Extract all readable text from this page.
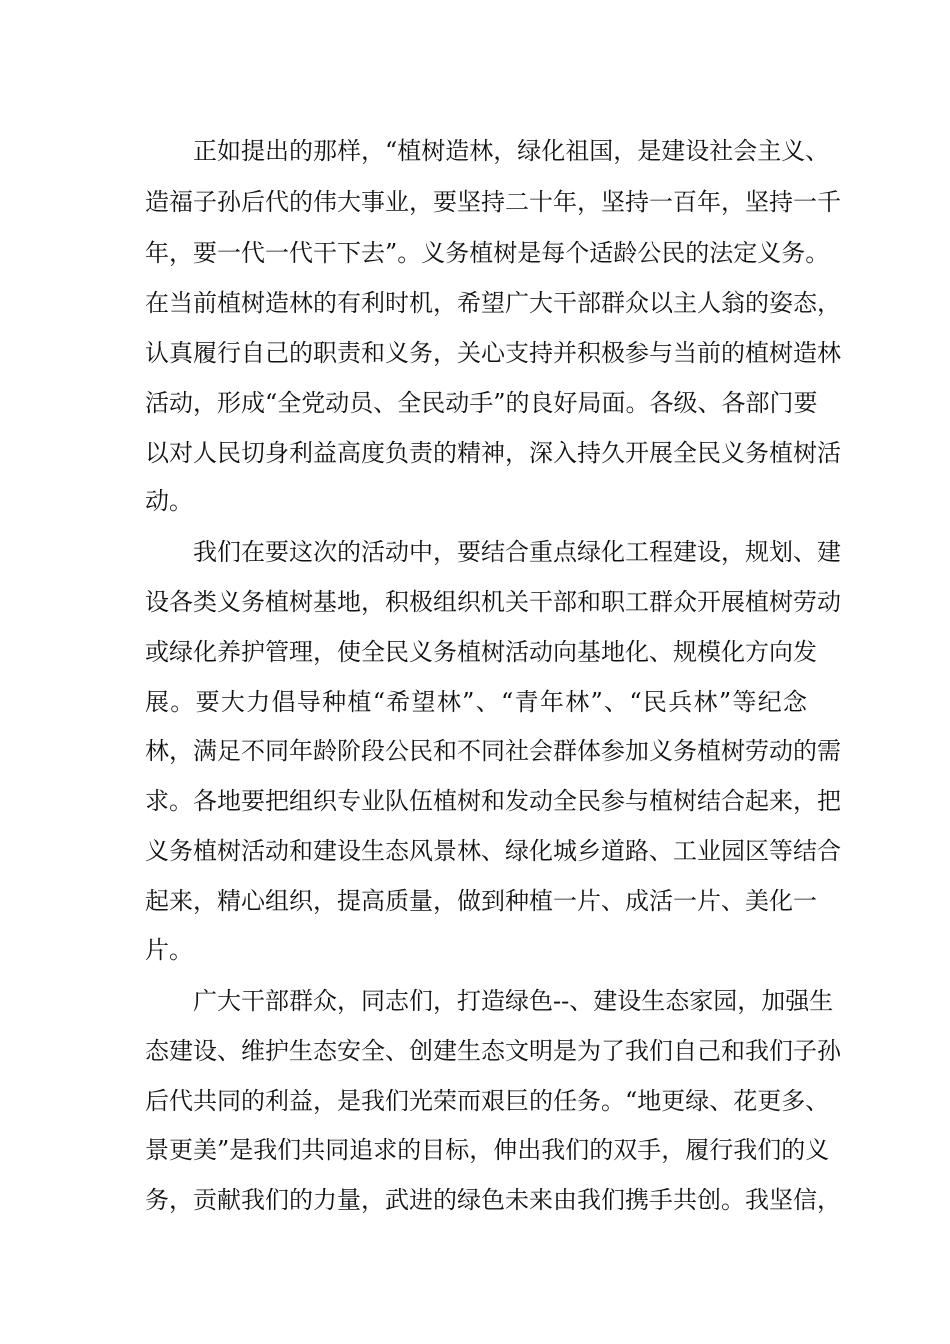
正如提出的那样，“植树造林，绿化祖国，是建设社会主义、

造福子孙后代的伟大事业，要坚持二十年，坚持一百年，坚持一千

年，要一代一代干下去”。义务植树是每个适龄公民的法定义务。

在当前植树造林的有利时机，希望广大干部群众以主人翁的姿态，

认真履行自己的职责和义务，关心支持并积极参与当前的植树造林

活动，形成“全党动员、全民动手”的良好局面。各级、各部门要

以对人民切身利益高度负责的精神，深入持久开展全民义务植树活

动。

我们在要这次的活动中，要结合重点绿化工程建设，规划、建

设各类义务植树基地，积极组织机关干部和职工群众开展植树劳动

或绿化养护管理，使全民义务植树活动向基地化、规模化方向发

展。要大力倡导种植“希望林”、“青年林”、“民兵林”等纪念

林，满足不同年龄阶段公民和不同社会群体参加义务植树劳动的需

求。各地要把组织专业队伍植树和发动全民参与植树结合起来，把

义务植树活动和建设生态风景林、绿化城乡道路、工业园区等结合

起来，精心组织，提高质量，做到种植一片、成活一片、美化一

片。

广大干部群众，同志们，打造绿色--、建设生态家园，加强生

态建设、维护生态安全、创建生态文明是为了我们自己和我们子孙

后代共同的利益，是我们光荣而艰巨的任务。“地更绿、花更多、

景更美”是我们共同追求的目标，伸出我们的双手，履行我们的义

务，贡献我们的力量，武进的绿色未来由我们携手共创。我坚信，
